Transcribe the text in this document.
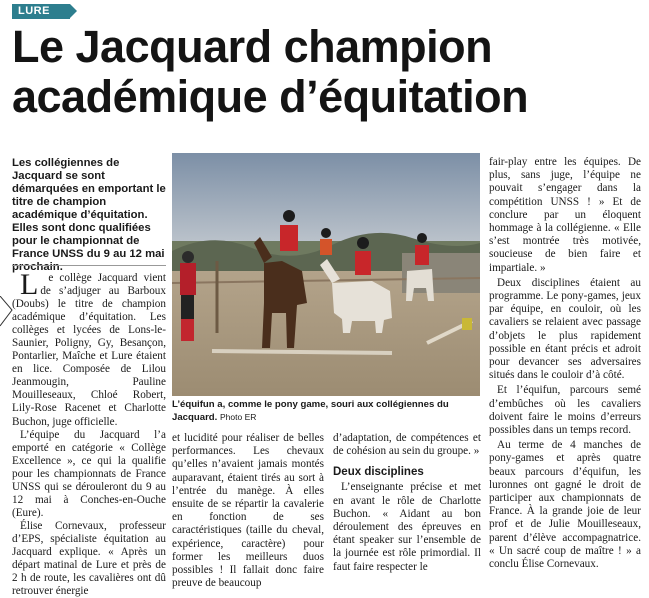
LURE
Le Jacquard champion académique d’équitation

Les collégiennes de Jacquard se sont démarquées en emportant le titre de champion académique d’équitation. Elles sont donc qualifiées pour le championnat de France UNSS du 9 au 12 mai prochain.

Le collège Jacquard vient de s’adjuger au Barboux (Doubs) le titre de champion académique d’équitation. Les collèges et lycées de Lons-le-Saunier, Poligny, Gy, Besançon, Pontarlier, Maîche et Lure étaient en lice. Composée de Lilou Jeanmougin, Pauline Mouilleseaux, Chloé Robert, Lily-Rose Racenet et Charlotte Buchon, juge officielle.

L’équipe du Jacquard l’a emporté en catégorie « Collège Excellence », ce qui la qualifie pour les championnats de France UNSS qui se dérouleront du 9 au 12 mai à Conches-en-Ouche (Eure).

Élise Cornevaux, professeur d’EPS, spécialiste équitation au Jacquard explique. « Après un départ matinal de Lure et près de 2 h de route, les cavalières ont dû retrouver énergie

L’équifun a, comme le pony game, souri aux collégiennes du Jacquard. Photo ER

et lucidité pour réaliser de belles performances. Les chevaux qu’elles n’avaient jamais montés auparavant, étaient tirés au sort à l’entrée du manège. À elles ensuite de se répartir la cavalerie en fonction de ses caractéristiques (taille du cheval, expérience, caractère) pour former les meilleurs duos possibles ! Il fallait donc faire preuve de beaucoup

d’adaptation, de compétences et de cohésion au sein du groupe. »

Deux disciplines

L’enseignante précise et met en avant le rôle de Charlotte Buchon. « Aidant au bon déroulement des épreuves en étant speaker sur l’ensemble de la journée est rôle primordial. Il faut faire respecter le

fair-play entre les équipes. De plus, sans juge, l’équipe ne pouvait s’engager dans la compétition UNSS ! » Et de conclure par un éloquent hommage à la collégienne. « Elle s’est montrée très motivée, soucieuse de bien faire et impartiale. »

Deux disciplines étaient au programme. Le pony-games, jeux par équipe, en couloir, où les cavaliers se relaient avec passage d’objets le plus rapidement possible en étant précis et adroit pour devancer ses adversaires situés dans le couloir d’à côté.

Et l’équifun, parcours semé d’embûches où les cavaliers doivent faire le moins d’erreurs possibles dans un temps record.

Au terme de 4 manches de pony-games et après quatre beaux parcours d’équifun, les luronnes ont gagné le droit de participer aux championnats de France. À la grande joie de leur prof et de Julie Mouilleseaux, parent d’élève accompagnatrice. « Un sacré coup de maître ! » a conclu Élise Cornevaux.
